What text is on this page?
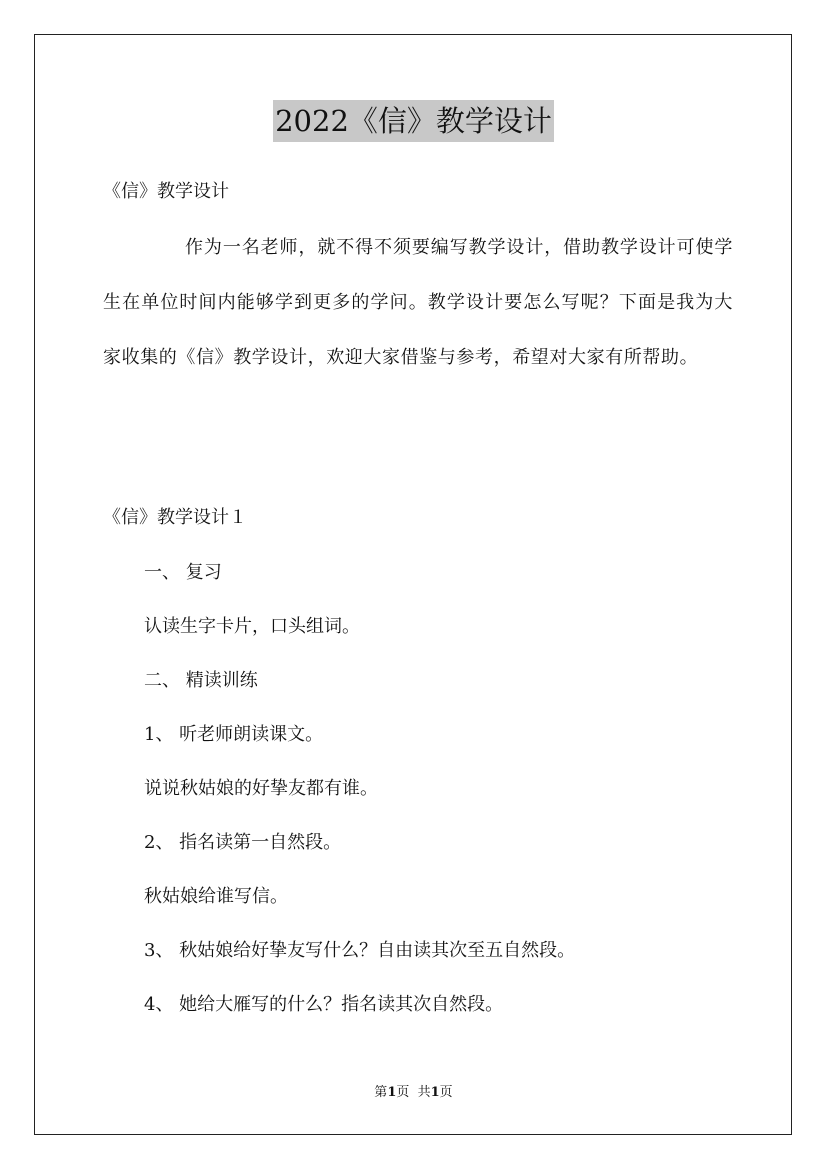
2022《信》教学设计
《信》教学设计
作为一名老师，就不得不须要编写教学设计，借助教学设计可使学生在单位时间内能够学到更多的学问。教学设计要怎么写呢？下面是我为大家收集的《信》教学设计，欢迎大家借鉴与参考，希望对大家有所帮助。
《信》教学设计１
一、 复习
认读生字卡片，口头组词。
二、 精读训练
1、 听老师朗读课文。
说说秋姑娘的好挚友都有谁。
2、 指名读第一自然段。
秋姑娘给谁写信。
3、 秋姑娘给好挚友写什么？自由读其次至五自然段。
4、 她给大雁写的什么？指名读其次自然段。
第1页  共1页
